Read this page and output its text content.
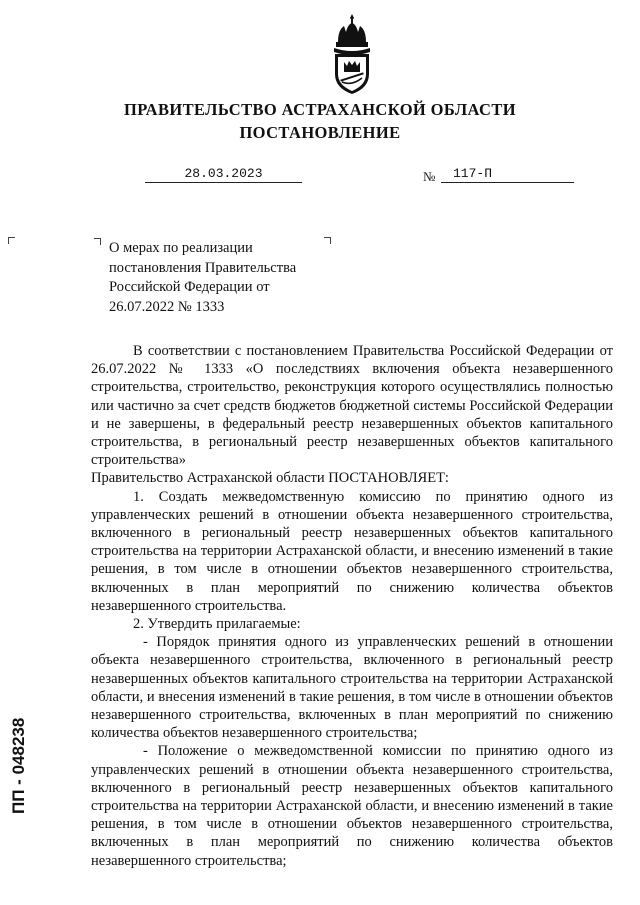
ПРАВИТЕЛЬСТВО АСТРАХАНСКОЙ ОБЛАСТИ
ПОСТАНОВЛЕНИЕ
28.03.2023	№	117-П
О мерах по реализации постановления Правительства Российской Федерации от 26.07.2022 № 1333

В соответствии с постановлением Правительства Российской Федерации от 26.07.2022 № 1333 «О последствиях включения объекта незавершенного строительства, строительство, реконструкция которого осуществлялись полностью или частично за счет средств бюджетов бюджетной системы Российской Федерации и не завершены, в федеральный реестр незавершенных объектов капитального строительства, в региональный реестр незавершенных объектов капитального строительства»

Правительство Астраханской области ПОСТАНОВЛЯЕТ:

1. Создать межведомственную комиссию по принятию одного из управленческих решений в отношении объекта незавершенного строительства, включенного в региональный реестр незавершенных объектов капитального строительства на территории Астраханской области, и внесению изменений в такие решения, в том числе в отношении объектов незавершенного строительства, включенных в план мероприятий по снижению количества объектов незавершенного строительства.

2. Утвердить прилагаемые:

- Порядок принятия одного из управленческих решений в отношении объекта незавершенного строительства, включенного в региональный реестр незавершенных объектов капитального строительства на территории Астраханской области, и внесения изменений в такие решения, в том числе в отношении объектов незавершенного строительства, включенных в план мероприятий по снижению количества объектов незавершенного строительства;

- Положение о межведомственной комиссии по принятию одного из управленческих решений в отношении объекта незавершенного строительства, включенного в региональный реестр незавершенных объектов капитального строительства на территории Астраханской области, и внесению изменений в такие решения, в том числе в отношении объектов незавершенного строительства, включенных в план мероприятий по снижению количества объектов незавершенного строительства;

ПП - 048238
